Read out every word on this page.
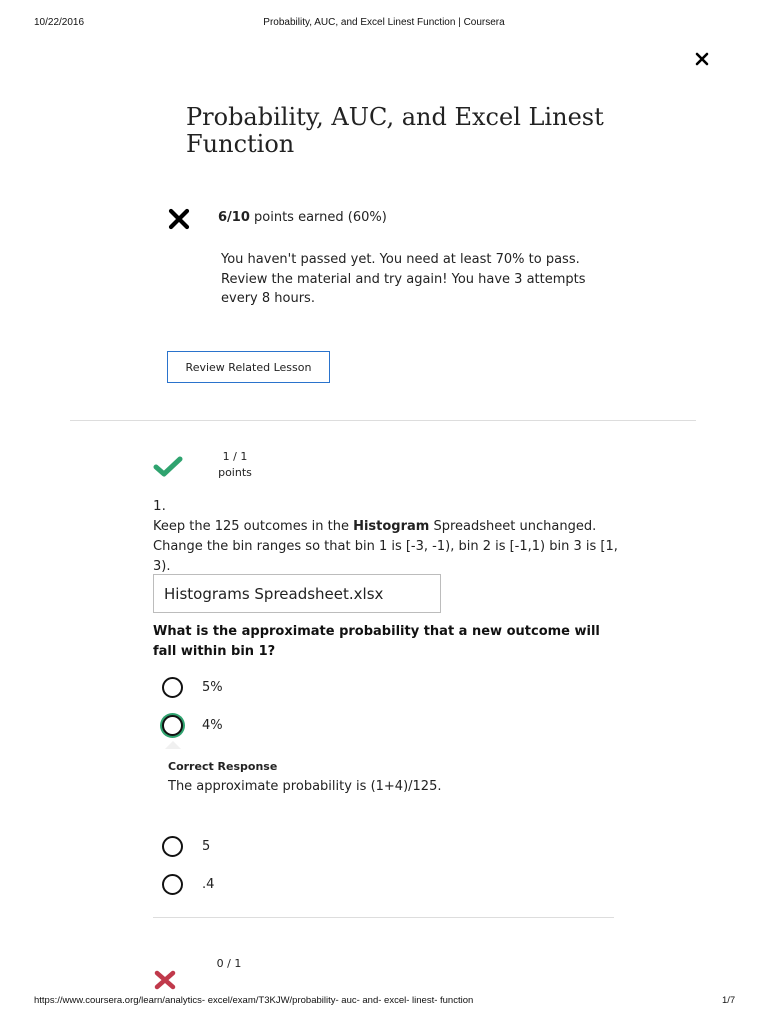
10/22/2016	Probability, AUC, and Excel Linest Function | Coursera
Probability, AUC, and Excel Linest Function
6/10 points earned (60%)

You haven't passed yet. You need at least 70% to pass. Review the material and try again! You have 3 attempts every 8 hours.

Review Related Lesson
1 / 1
points
1.

Keep the 125 outcomes in the Histogram Spreadsheet unchanged. Change the bin ranges so that bin 1 is [-3, -1), bin 2 is [-1,1) bin 3 is [1, 3).

Histograms Spreadsheet.xlsx

What is the approximate probability that a new outcome will fall within bin 1?

5%
4%
Correct Response
The approximate probability is (1+4)/125.
5
.4
0 / 1
https://www.coursera.org/learn/analytics- excel/exam/T3KJW/probability- auc- and- excel- linest- function	1/7
